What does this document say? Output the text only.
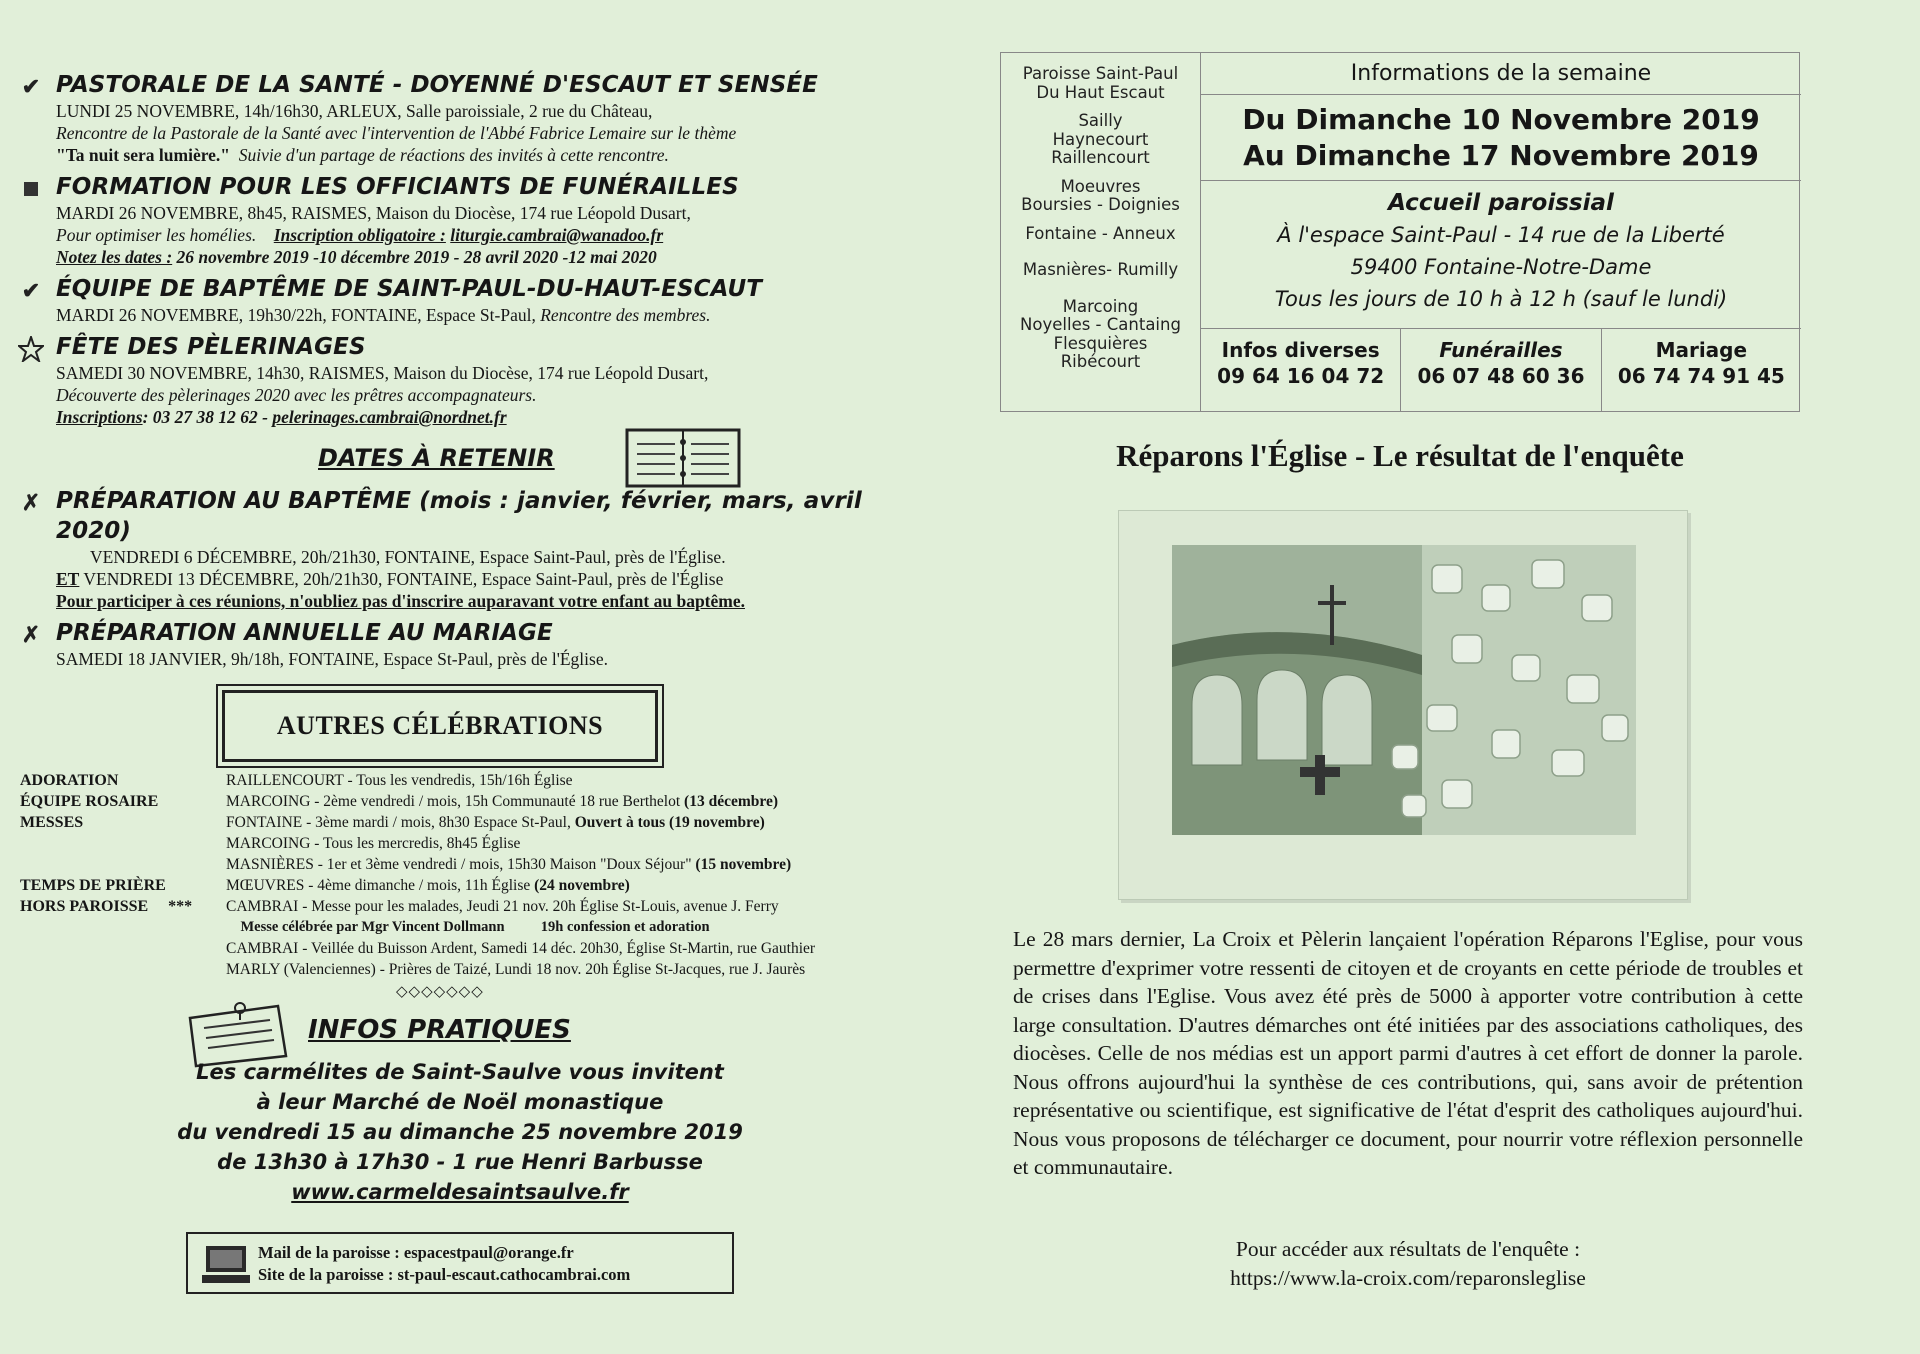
✔ PASTORALE DE LA SANTÉ - DOYENNÉ D'ESCAUT ET SENSÉE
LUNDI 25 NOVEMBRE, 14h/16h30, ARLEUX, Salle paroissiale, 2 rue du Château,
Rencontre de la Pastorale de la Santé avec l'intervention de l'Abbé Fabrice Lemaire sur le thème
"Ta nuit sera lumière." Suivie d'un partage de réactions des invités à cette rencontre.
FORMATION POUR LES OFFICIANTS DE FUNÉRAILLES
MARDI 26 NOVEMBRE, 8h45, RAISMES, Maison du Diocèse, 174 rue Léopold Dusart,
Pour optimiser les homélies. Inscription obligatoire : liturgie.cambrai@wanadoo.fr
Notez les dates : 26 novembre 2019 -10 décembre 2019 - 28 avril 2020 -12 mai 2020
✔ ÉQUIPE DE BAPTÊME DE SAINT-PAUL-DU-HAUT-ESCAUT
MARDI 26 NOVEMBRE, 19h30/22h, FONTAINE, Espace St-Paul, Rencontre des membres.
FÊTE DES PÈLERINAGES
SAMEDI 30 NOVEMBRE, 14h30, RAISMES, Maison du Diocèse, 174 rue Léopold Dusart,
Découverte des pèlerinages 2020 avec les prêtres accompagnateurs.
Inscriptions: 03 27 38 12 62 - pelerinages.cambrai@nordnet.fr
DATES À RETENIR
✗ PRÉPARATION AU BAPTÊME (mois : janvier, février, mars, avril 2020)
VENDREDI 6 DÉCEMBRE, 20h/21h30, FONTAINE, Espace Saint-Paul, près de l'Église.
ET VENDREDI 13 DÉCEMBRE, 20h/21h30, FONTAINE, Espace Saint-Paul, près de l'Église
Pour participer à ces réunions, n'oubliez pas d'inscrire auparavant votre enfant au baptême.
✗ PRÉPARATION ANNUELLE AU MARIAGE
SAMEDI 18 JANVIER, 9h/18h, FONTAINE, Espace St-Paul, près de l'Église.
AUTRES CÉLÉBRATIONS
ADORATION	RAILLENCOURT - Tous les vendredis, 15h/16h Église
ÉQUIPE ROSAIRE	MARCOING - 2ème vendredi / mois, 15h Communauté 18 rue Berthelot (13 décembre)
MESSES	FONTAINE - 3ème mardi / mois, 8h30 Espace St-Paul, Ouvert à tous (19 novembre)
MARCOING - Tous les mercredis, 8h45 Église
MASNIÈRES - 1er et 3ème vendredi / mois, 15h30 Maison "Doux Séjour" (15 novembre)
TEMPS DE PRIÈRE	MŒUVRES - 4ème dimanche / mois, 11h Église (24 novembre)
HORS PAROISSE     *** CAMBRAI - Messe pour les malades, Jeudi 21 nov. 20h Église St-Louis, avenue J. Ferry
Messe célébrée par Mgr Vincent Dollmann          19h confession et adoration
CAMBRAI - Veillée du Buisson Ardent, Samedi 14 déc. 20h30, Église St-Martin, rue Gauthier
MARLY (Valenciennes) - Prières de Taizé, Lundi 18 nov. 20h Église St-Jacques, rue J. Jaurès
◇◇◇◇◇◇◇
INFOS PRATIQUES
Les carmélites de Saint-Saulve vous invitent
à leur Marché de Noël monastique
du vendredi 15 au dimanche 25 novembre 2019
de 13h30 à 17h30 - 1 rue Henri Barbusse
www.carmeldesaintsaulve.fr
Mail de la paroisse : espacestpaul@orange.fr
Site de la paroisse : st-paul-escaut.cathocambrai.com
Paroisse Saint-Paul
Du Haut Escaut
Sailly
Haynecourt
Raillencourt
Moeuvres
Boursies - Doignies
Fontaine - Anneux
Masnières- Rumilly
Marcoing
Noyelles - Cantaing
Flesquières
Ribécourt
Informations de la semaine
Du Dimanche 10 Novembre 2019
Au Dimanche 17 Novembre 2019
Accueil paroissial
À l'espace Saint-Paul - 14 rue de la Liberté
59400 Fontaine-Notre-Dame
Tous les jours de 10 h à 12 h (sauf le lundi)
Infos diverses
09 64 16 04 72
Funérailles
06 07 48 60 36
Mariage
06 74 74 91 45
Réparons l'Église - Le résultat de l'enquête
Le 28 mars dernier, La Croix et Pèlerin lançaient l'opération Réparons l'Eglise, pour vous permettre d'exprimer votre ressenti de citoyen et de croyants en cette période de troubles et de crises dans l'Eglise. Vous avez été près de 5000 à apporter votre contribution à cette large consultation. D'autres démarches ont été initiées par des associations catholiques, des diocèses. Celle de nos médias est un apport parmi d'autres à cet effort de donner la parole. Nous offrons aujourd'hui la synthèse de ces contributions, qui, sans avoir de prétention représentative ou scientifique, est significative de l'état d'esprit des catholiques aujourd'hui. Nous vous proposons de télécharger ce document, pour nourrir votre réflexion personnelle et communautaire.
Pour accéder aux résultats de l'enquête :
https://www.la-croix.com/reparonsleglise
